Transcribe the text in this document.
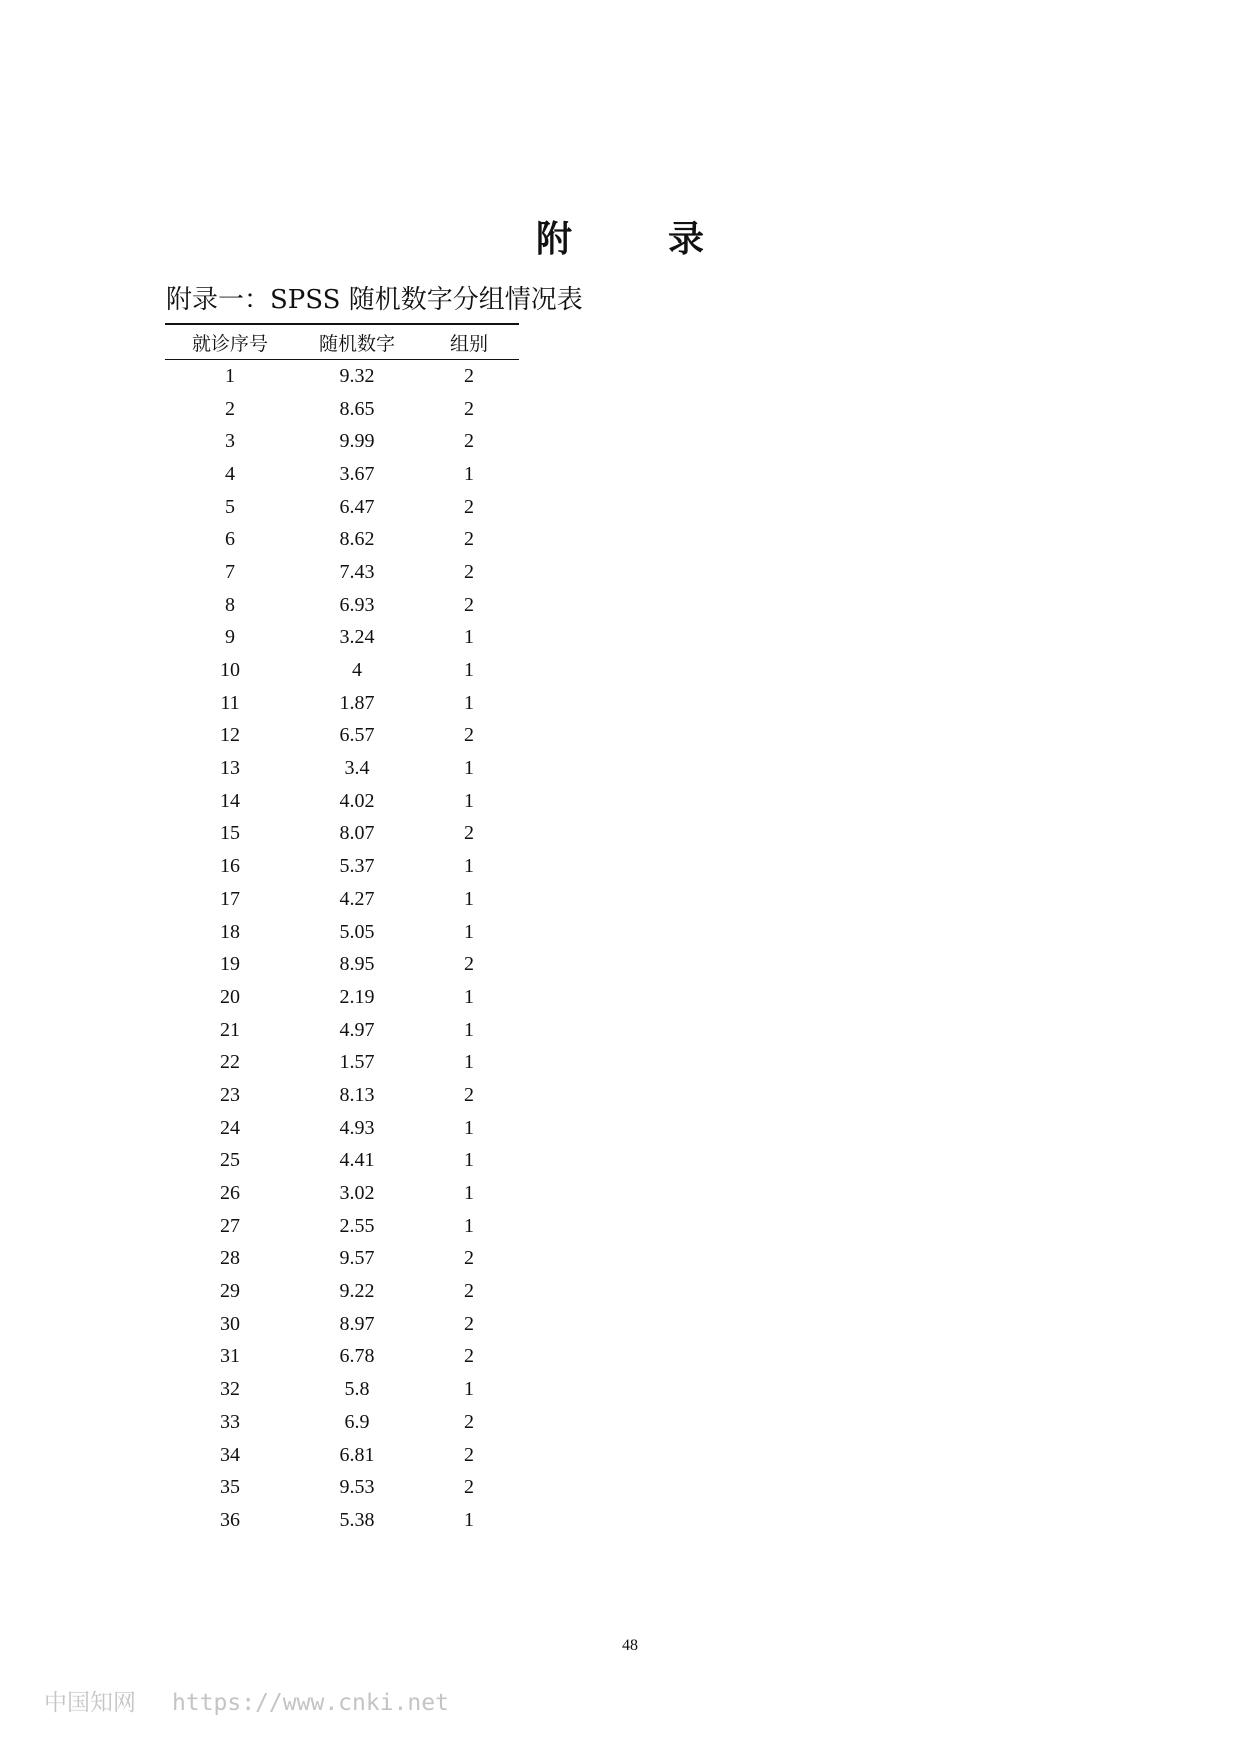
附　录
附录一：SPSS 随机数字分组情况表
就诊序号	随机数字	组别
1	9.32	2
2	8.65	2
3	9.99	2
4	3.67	1
5	6.47	2
6	8.62	2
7	7.43	2
8	6.93	2
9	3.24	1
10	4	1
11	1.87	1
12	6.57	2
13	3.4	1
14	4.02	1
15	8.07	2
16	5.37	1
17	4.27	1
18	5.05	1
19	8.95	2
20	2.19	1
21	4.97	1
22	1.57	1
23	8.13	2
24	4.93	1
25	4.41	1
26	3.02	1
27	2.55	1
28	9.57	2
29	9.22	2
30	8.97	2
31	6.78	2
32	5.8	1
33	6.9	2
34	6.81	2
35	9.53	2
36	5.38	1
48
中国知网 https://www.cnki.net
